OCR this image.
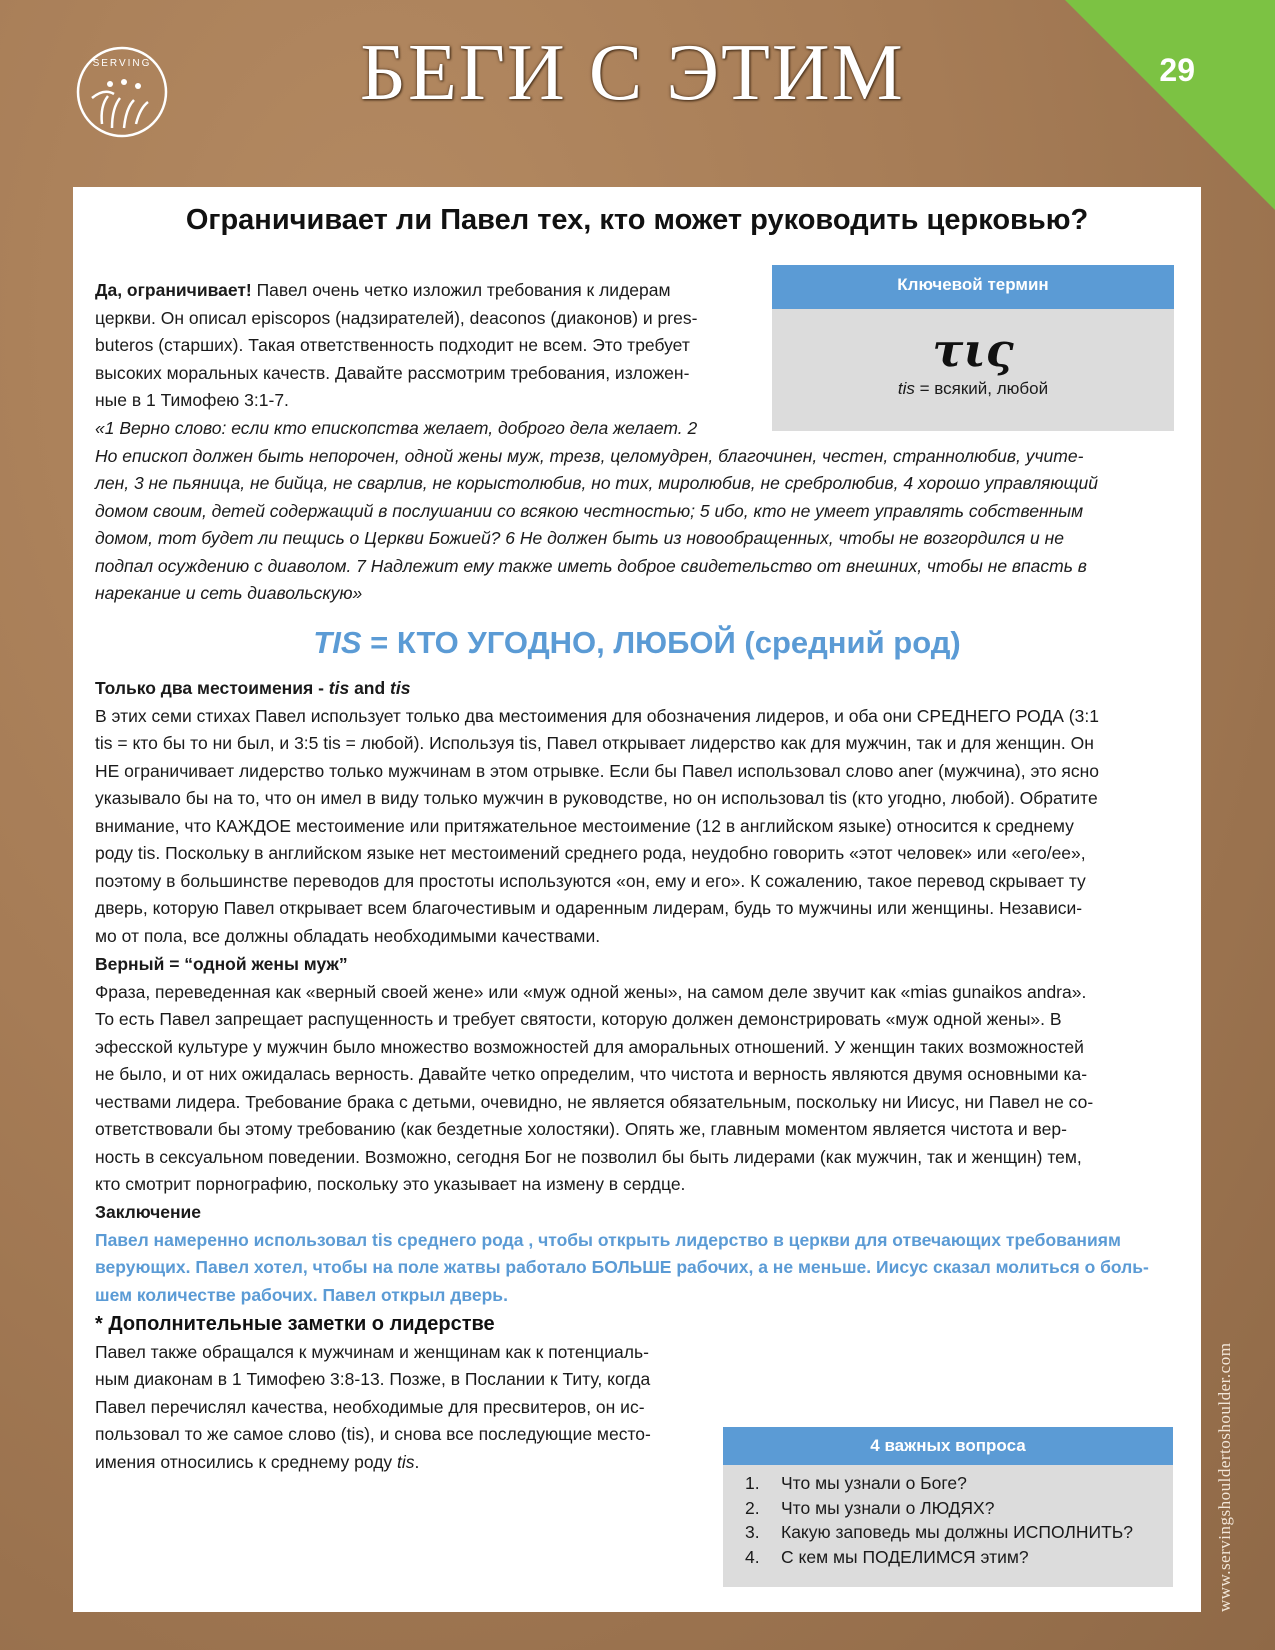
29
SERVING	БЕГИ С ЭТИМ
Ограничивает ли Павел тех, кто может руководить церковью?
Да, ограничивает! Павел очень четко изложил требования к лидерам
церкви. Он описал episcopos (надзирателей), deaconos (диаконов) и pres-
buteros (старших). Такая ответственность подходит не всем. Это требует
высоких моральных качеств. Давайте рассмотрим требования, изложен-
ные в 1 Тимофею 3:1-7.
Ключевой термин
τις
tis = всякий, любой
«1 Верно слово: если кто епископства желает, доброго дела желает. 2
Но епископ должен быть непорочен, одной жены муж, трезв, целомудрен, благочинен, честен, страннолюбив, учите-
лен, 3 не пьяница, не бийца, не сварлив, не корыстолюбив, но тих, миролюбив, не сребролюбив, 4 хорошо управляющий
домом своим, детей содержащий в послушании со всякою честностью; 5 ибо, кто не умеет управлять собственным
домом, тот будет ли пещись о Церкви Божией? 6 Не должен быть из новообращенных, чтобы не возгордился и не
подпал осуждению с диаволом. 7 Надлежит ему также иметь доброе свидетельство от внешних, чтобы не впасть в
нарекание и сеть диавольскую»
TIS = КТО УГОДНО, ЛЮБОЙ (средний род)
Только два местоимения - tis and tis
В этих семи стихах Павел использует только два местоимения для обозначения лидеров, и оба они СРЕДНЕГО РОДА (3:1
tis = кто бы то ни был, и 3:5 tis = любой). Используя tis, Павел открывает лидерство как для мужчин, так и для женщин. Он
НЕ ограничивает лидерство только мужчинам в этом отрывке. Если бы Павел использовал слово aner (мужчина), это ясно
указывало бы на то, что он имел в виду только мужчин в руководстве, но он использовал tis (кто угодно, любой). Обратите
внимание, что КАЖДОЕ местоимение или притяжательное местоимение (12 в английском языке) относится к среднему
роду tis. Поскольку в английском языке нет местоимений среднего рода, неудобно говорить «этот человек» или «его/ее»,
поэтому в большинстве переводов для простоты используются «он, ему и его». К сожалению, такое перевод скрывает ту
дверь, которую Павел открывает всем благочестивым и одаренным лидерам, будь то мужчины или женщины. Независи-
мо от пола, все должны обладать необходимыми качествами.
Верный = “одной жены муж”
Фраза, переведенная как «верный своей жене» или «муж одной жены», на самом деле звучит как «mias gunaikos andra».
То есть Павел запрещает распущенность и требует святости, которую должен демонстрировать «муж одной жены». В
эфесской культуре у мужчин было множество возможностей для аморальных отношений. У женщин таких возможностей
не было, и от них ожидалась верность. Давайте четко определим, что чистота и верность являются двумя основными ка-
чествами лидера. Требование брака с детьми, очевидно, не является обязательным, поскольку ни Иисус, ни Павел не со-
ответствовали бы этому требованию (как бездетные холостяки). Опять же, главным моментом является чистота и вер-
ность в сексуальном поведении. Возможно, сегодня Бог не позволил бы быть лидерами (как мужчин, так и женщин) тем,
кто смотрит порнографию, поскольку это указывает на измену в сердце.
Заключение
Павел намеренно использовал tis среднего рода , чтобы открыть лидерство в церкви для отвечающих требованиям
верующих. Павел хотел, чтобы на поле жатвы работало БОЛЬШЕ рабочих, а не меньше. Иисус сказал молиться о боль-
шем количестве рабочих. Павел открыл дверь.
* Дополнительные заметки о лидерстве
Павел также обращался к мужчинам и женщинам как к потенциаль-
ным диаконам в 1 Тимофею 3:8-13. Позже, в Послании к Титу, когда
Павел перечислял качества, необходимые для пресвитеров, он ис-
пользовал то же самое слово (tis), и снова все последующие место-
имения относились к среднему роду tis.
4 важных вопроса
1. Что мы узнали о Боге?
2. Что мы узнали о ЛЮДЯХ?
3. Какую заповедь мы должны ИСПОЛНИТЬ?
4. С кем мы ПОДЕЛИМСЯ этим?	www.servingshouldertoshoulder.com
